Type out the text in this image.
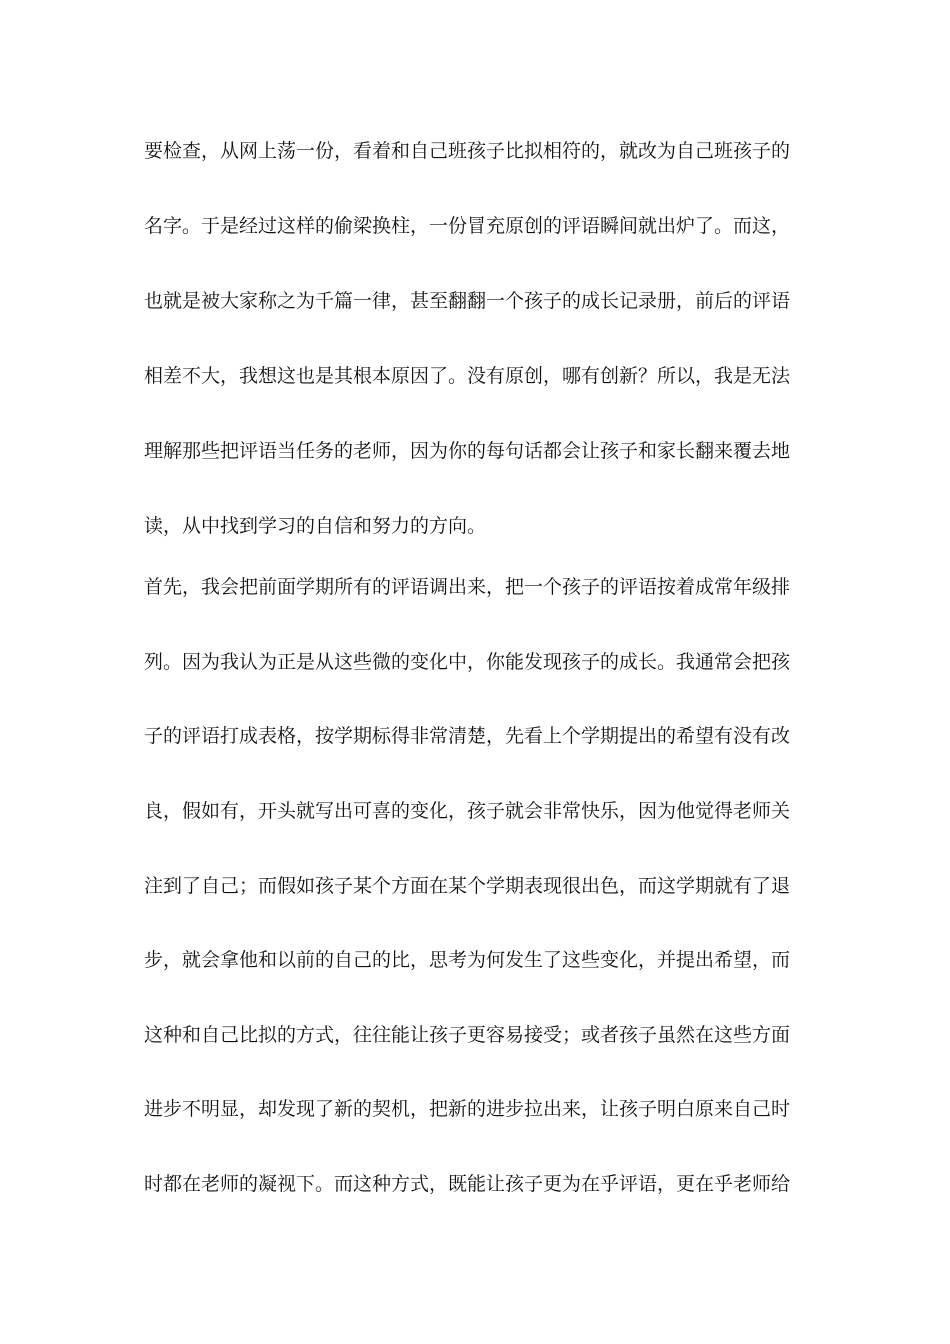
要检查，从网上荡一份，看着和自己班孩子比拟相符的，就改为自己班孩子的
名字。于是经过这样的偷梁换柱，一份冒充原创的评语瞬间就出炉了。而这，
也就是被大家称之为千篇一律，甚至翻翻一个孩子的成长记录册，前后的评语
相差不大，我想这也是其根本原因了。没有原创，哪有创新？所以，我是无法
理解那些把评语当任务的老师，因为你的每句话都会让孩子和家长翻来覆去地
读，从中找到学习的自信和努力的方向。
首先，我会把前面学期所有的评语调出来，把一个孩子的评语按着成常年级排
列。因为我认为正是从这些微的变化中，你能发现孩子的成长。我通常会把孩
子的评语打成表格，按学期标得非常清楚，先看上个学期提出的希望有没有改
良，假如有，开头就写出可喜的变化，孩子就会非常快乐，因为他觉得老师关
注到了自己；而假如孩子某个方面在某个学期表现很出色，而这学期就有了退
步，就会拿他和以前的自己的比，思考为何发生了这些变化，并提出希望，而
这种和自己比拟的方式，往往能让孩子更容易接受；或者孩子虽然在这些方面
进步不明显，却发现了新的契机，把新的进步拉出来，让孩子明白原来自己时
时都在老师的凝视下。而这种方式，既能让孩子更为在乎评语，更在乎老师给
